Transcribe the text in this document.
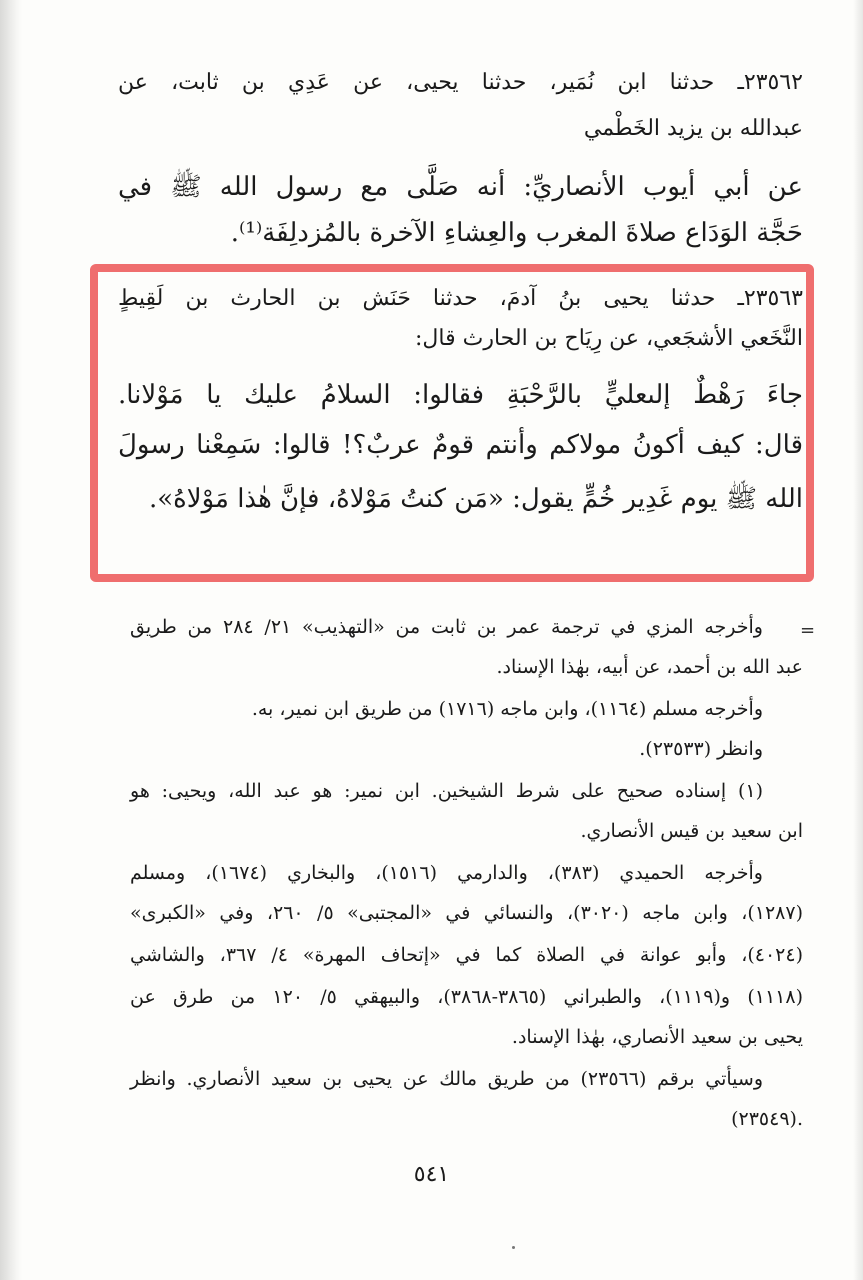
٢٣٥٦٢ـ حدثنا ابن نُمَير، حدثنا يحيى، عن عَدِي بن ثابت، عن
عبدالله بن يزيد الخَطْمي
عن أبي أيوب الأنصاريِّ: أنه صَلَّى مع رسول الله ﷺ في
حَجَّة الوَدَاع صلاةَ المغرب والعِشاءِ الآخرة بالمُزدلِفَة⁽¹⁾.
٢٣٥٦٣ـ حدثنا يحيى بنُ آدمَ، حدثنا حَنَش بن الحارث بن لَقِيطٍ
النَّخَعي الأشجَعي، عن رِيَاح بن الحارث قال:
جاءَ رَهْطٌ إلىعليٍّ بالرَّحْبَةِ فقالوا: السلامُ عليك يا مَوْلانا.
قال: كيف أكونُ مولاكم وأنتم قومٌ عربٌ؟! قالوا: سَمِعْنا رسولَ
الله ﷺ يوم غَدِير خُمٍّ يقول: «مَن كنتُ مَوْلاهُ، فإنَّ هٰذا مَوْلاهُ».
=
وأخرجه المزي في ترجمة عمر بن ثابت من «التهذيب» ٢١/ ٢٨٤ من طريق
عبد الله بن أحمد، عن أبيه، بهٰذا الإسناد.
وأخرجه مسلم (١١٦٤)، وابن ماجه (١٧١٦) من طريق ابن نمير، به.
وانظر (٢٣٥٣٣).
(١) إسناده صحيح على شرط الشيخين. ابن نمير: هو عبد الله، ويحيى: هو
ابن سعيد بن قيس الأنصاري.
وأخرجه الحميدي (٣٨٣)، والدارمي (١٥١٦)، والبخاري (١٦٧٤)، ومسلم
(١٢٨٧)، وابن ماجه (٣٠٢٠)، والنسائي في «المجتبى» ٥/ ٢٦٠، وفي «الكبرى»
(٤٠٢٤)، وأبو عوانة في الصلاة كما في «إتحاف المهرة» ٤/ ٣٦٧، والشاشي
(١١١٨) و(١١١٩)، والطبراني (٣٨٦٥-٣٨٦٨)، والبيهقي ٥/ ١٢٠ من طرق عن
يحيى بن سعيد الأنصاري، بهٰذا الإسناد.
وسيأتي برقم (٢٣٥٦٦) من طريق مالك عن يحيى بن سعيد الأنصاري. وانظر
(٢٣٥٤٩).
٥٤١
